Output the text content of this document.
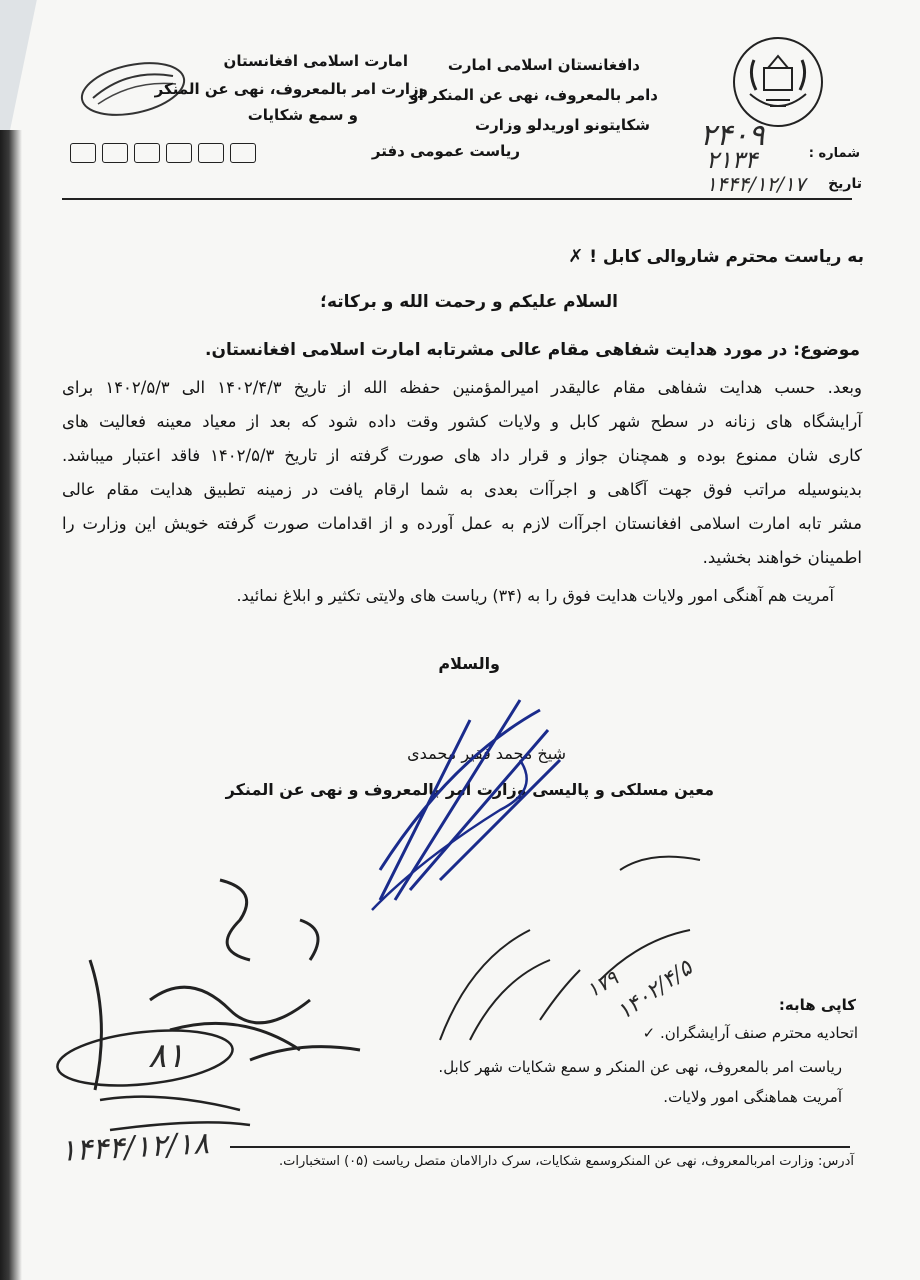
دافغانستان اسلامی امارت
دامر بالمعروف، نهی عن المنکر او
شکایتونو اوریدلو وزارت
امارت اسلامی افغانستان
وزارت امر بالمعروف، نهی عن المنکر
و سمع شکایات
ریاست عمومی دفتر	شماره :
۲۴۰۹
۲۱۳۴
تاریخ
۱۴۴۴/۱۲/۱۷
به ریاست محترم شاروالی کابل ! ✗
السلام علیکم و رحمت الله و برکاته؛
موضوع: در مورد هدایت شفاهی مقام عالی مشرتابه امارت اسلامی افغانستان.
وبعد. حسب هدایت شفاهی مقام عالیقدر امیرالمؤمنین حفظه الله از تاریخ ۱۴۰۲/۴/۳ الی ۱۴۰۲/۵/۳ برای
آرایشگاه های زنانه در سطح شهر کابل و ولایات کشور وقت داده شود که بعد از معیاد معینه فعالیت های
کاری شان ممنوع بوده و همچنان جواز و قرار داد های صورت گرفته از تاریخ ۱۴۰۲/۵/۳ فاقد اعتبار میباشد.
بدینوسیله مراتب فوق جهت آگاهی و اجرآات بعدی به شما ارقام یافت در زمینه تطبیق هدایت مقام عالی
مشر تابه امارت اسلامی افغانستان اجرآات لازم به عمل آورده و از اقدامات صورت گرفته خویش این وزارت را
اطمینان خواهند بخشید.
آمریت هم آهنگی امور ولایات هدایت فوق را به (۳۴) ریاست های ولایتی تکثیر و ابلاغ نمائید.
والسلام
شیخ محمد فقیر محمدی
معین مسلکی و پالیسی وزارت امر بالمعروف و نهی عن المنکر
۱۴۴۴/۱۲/۱۸
۱۷۹
۱۴۰۲/۴/۵
۸۱
کاپی هابه:
اتحادیه محترم صنف آرایشگران. ✓
ریاست امر بالمعروف، نهی عن المنکر و سمع شکایات شهر کابل.
آمریت هماهنگی امور ولایات.
آدرس: وزارت امربالمعروف، نهی عن المنکروسمع شکایات، سرک دارالامان متصل ریاست (۰۵) استخبارات.
